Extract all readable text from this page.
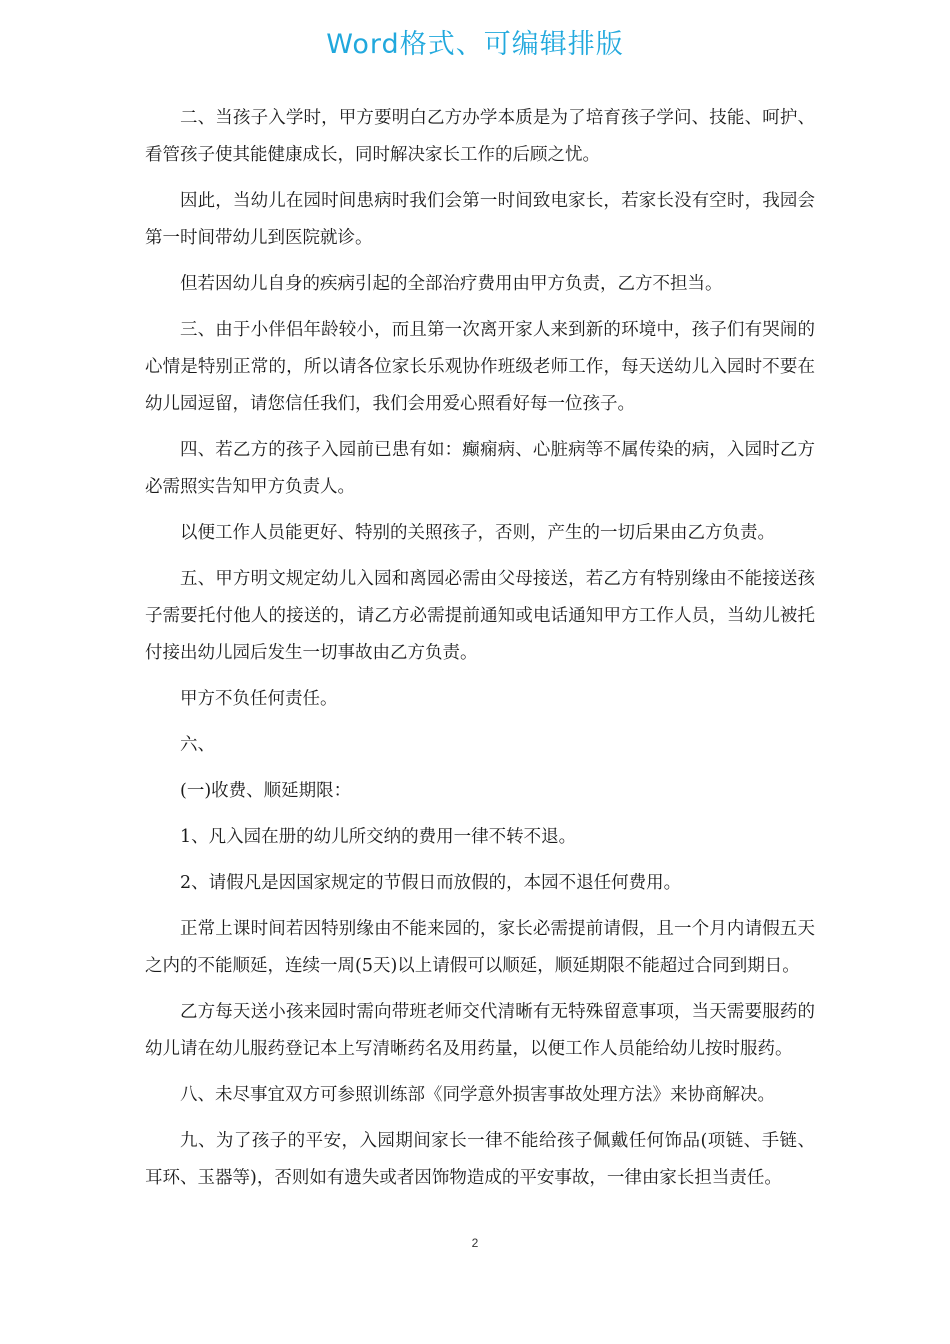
Word格式、可编辑排版

二、当孩子入学时，甲方要明白乙方办学本质是为了培育孩子学问、技能、呵护、看管孩子使其能健康成长，同时解决家长工作的后顾之忧。

因此，当幼儿在园时间患病时我们会第一时间致电家长，若家长没有空时，我园会第一时间带幼儿到医院就诊。

但若因幼儿自身的疾病引起的全部治疗费用由甲方负责，乙方不担当。

三、由于小伴侣年龄较小，而且第一次离开家人来到新的环境中，孩子们有哭闹的心情是特别正常的，所以请各位家长乐观协作班级老师工作，每天送幼儿入园时不要在幼儿园逗留，请您信任我们，我们会用爱心照看好每一位孩子。

四、若乙方的孩子入园前已患有如：癫痫病、心脏病等不属传染的病，入园时乙方必需照实告知甲方负责人。

以便工作人员能更好、特别的关照孩子，否则，产生的一切后果由乙方负责。

五、甲方明文规定幼儿入园和离园必需由父母接送，若乙方有特别缘由不能接送孩子需要托付他人的接送的，请乙方必需提前通知或电话通知甲方工作人员，当幼儿被托付接出幼儿园后发生一切事故由乙方负责。

甲方不负任何责任。

六、

(一)收费、顺延期限：

1、凡入园在册的幼儿所交纳的费用一律不转不退。

2、请假凡是因国家规定的节假日而放假的，本园不退任何费用。

正常上课时间若因特别缘由不能来园的，家长必需提前请假，且一个月内请假五天之内的不能顺延，连续一周(5天)以上请假可以顺延，顺延期限不能超过合同到期日。

乙方每天送小孩来园时需向带班老师交代清晰有无特殊留意事项，当天需要服药的幼儿请在幼儿服药登记本上写清晰药名及用药量，以便工作人员能给幼儿按时服药。

八、未尽事宜双方可参照训练部《同学意外损害事故处理方法》来协商解决。

九、为了孩子的平安，入园期间家长一律不能给孩子佩戴任何饰品(项链、手链、耳环、玉器等)，否则如有遗失或者因饰物造成的平安事故，一律由家长担当责任。

2
